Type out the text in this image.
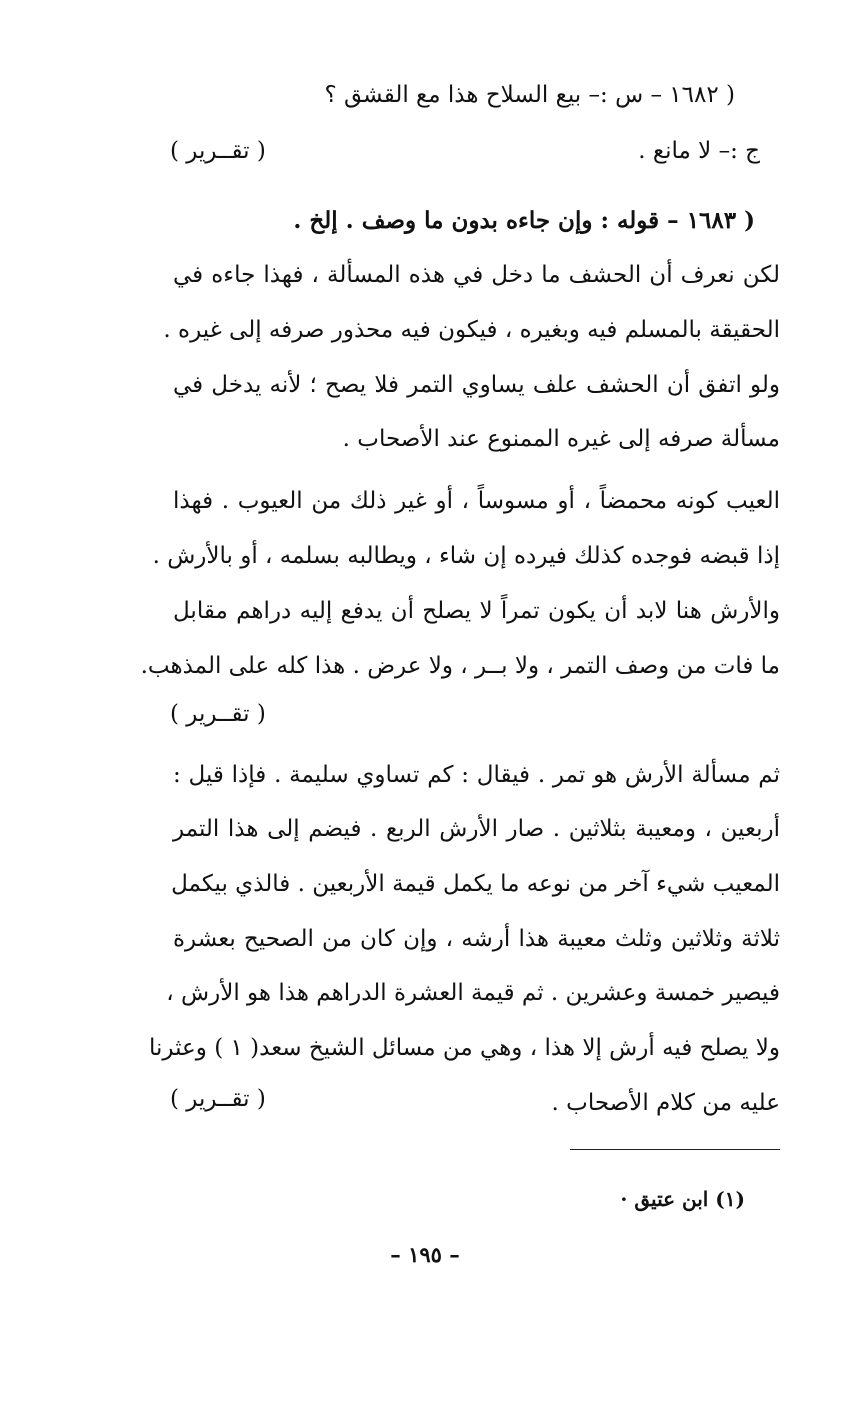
( ١٦٨٢ – س :– بيع السلاح هذا مع القشق ؟

ج :– لا مانع .

( تقــرير )

( ١٦٨٣ – قوله : وإن جاءه بدون ما وصف . إلخ .

لكن نعرف أن الحشف ما دخل في هذه المسألة ، فهذا جاءه في

الحقيقة بالمسلم فيه وبغيره ، فيكون فيه محذور صرفه إلى غيره .

ولو اتفق أن الحشف علف يساوي التمر فلا يصح ؛ لأنه يدخل في

مسألة صرفه إلى غيره الممنوع عند الأصحاب .

العيب كونه محمضاً ، أو مسوساً ، أو غير ذلك من العيوب . فهذا

إذا قبضه فوجده كذلك فيرده إن شاء ، ويطالبه بسلمه ، أو بالأرش .

والأرش هنا لابد أن يكون تمراً لا يصلح أن يدفع إليه دراهم مقابل

ما فات من وصف التمر ، ولا بــر ، ولا عرض . هذا كله على المذهب.

( تقــرير )

ثم مسألة الأرش هو تمر . فيقال : كم تساوي سليمة . فإذا قيل :

أربعين ، ومعيبة بثلاثين . صار الأرش الربع . فيضم إلى هذا التمر

المعيب شيء آخر من نوعه ما يكمل قيمة الأربعين . فالذي بيكمل

ثلاثة وثلاثين وثلث معيبة هذا أرشه ، وإن كان من الصحيح بعشرة

فيصير خمسة وعشرين . ثم قيمة العشرة الدراهم هذا هو الأرش ،

ولا يصلح فيه أرش إلا هذا ، وهي من مسائل الشيخ سعد( ١ ) وعثرنا

عليه من كلام الأصحاب .

( تقــرير )

(١) ابن عتيق ·

– ١٩٥ –
